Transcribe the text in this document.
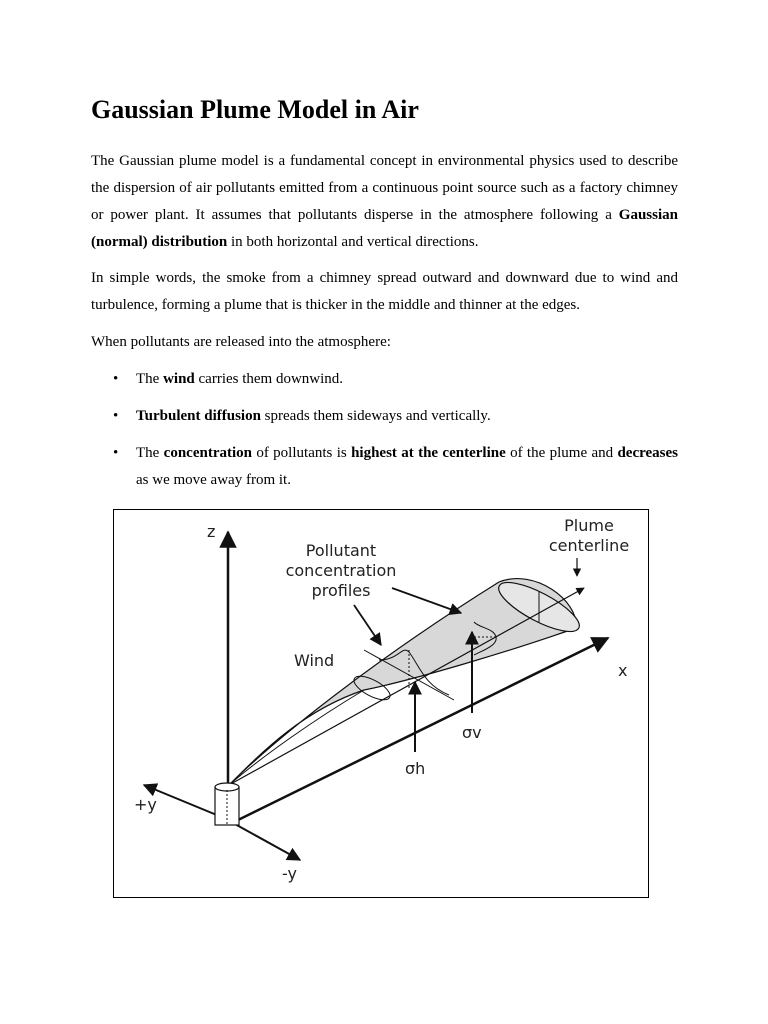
Gaussian Plume Model in Air

The Gaussian plume model is a fundamental concept in environmental physics used to describe the dispersion of air pollutants emitted from a continuous point source such as a factory chimney or power plant. It assumes that pollutants disperse in the atmosphere following a Gaussian (normal) distribution in both horizontal and vertical directions.

In simple words, the smoke from a chimney spread outward and downward due to wind and turbulence, forming a plume that is thicker in the middle and thinner at the edges.

When pollutants are released into the atmosphere:

• The wind carries them downwind.
• Turbulent diffusion spreads them sideways and vertically.
• The concentration of pollutants is highest at the centerline of the plume and decreases as we move away from it.
z
Pollutant
concentration
profiles
Plume
centerline
Wind
x
σv
σh
+y
-y
